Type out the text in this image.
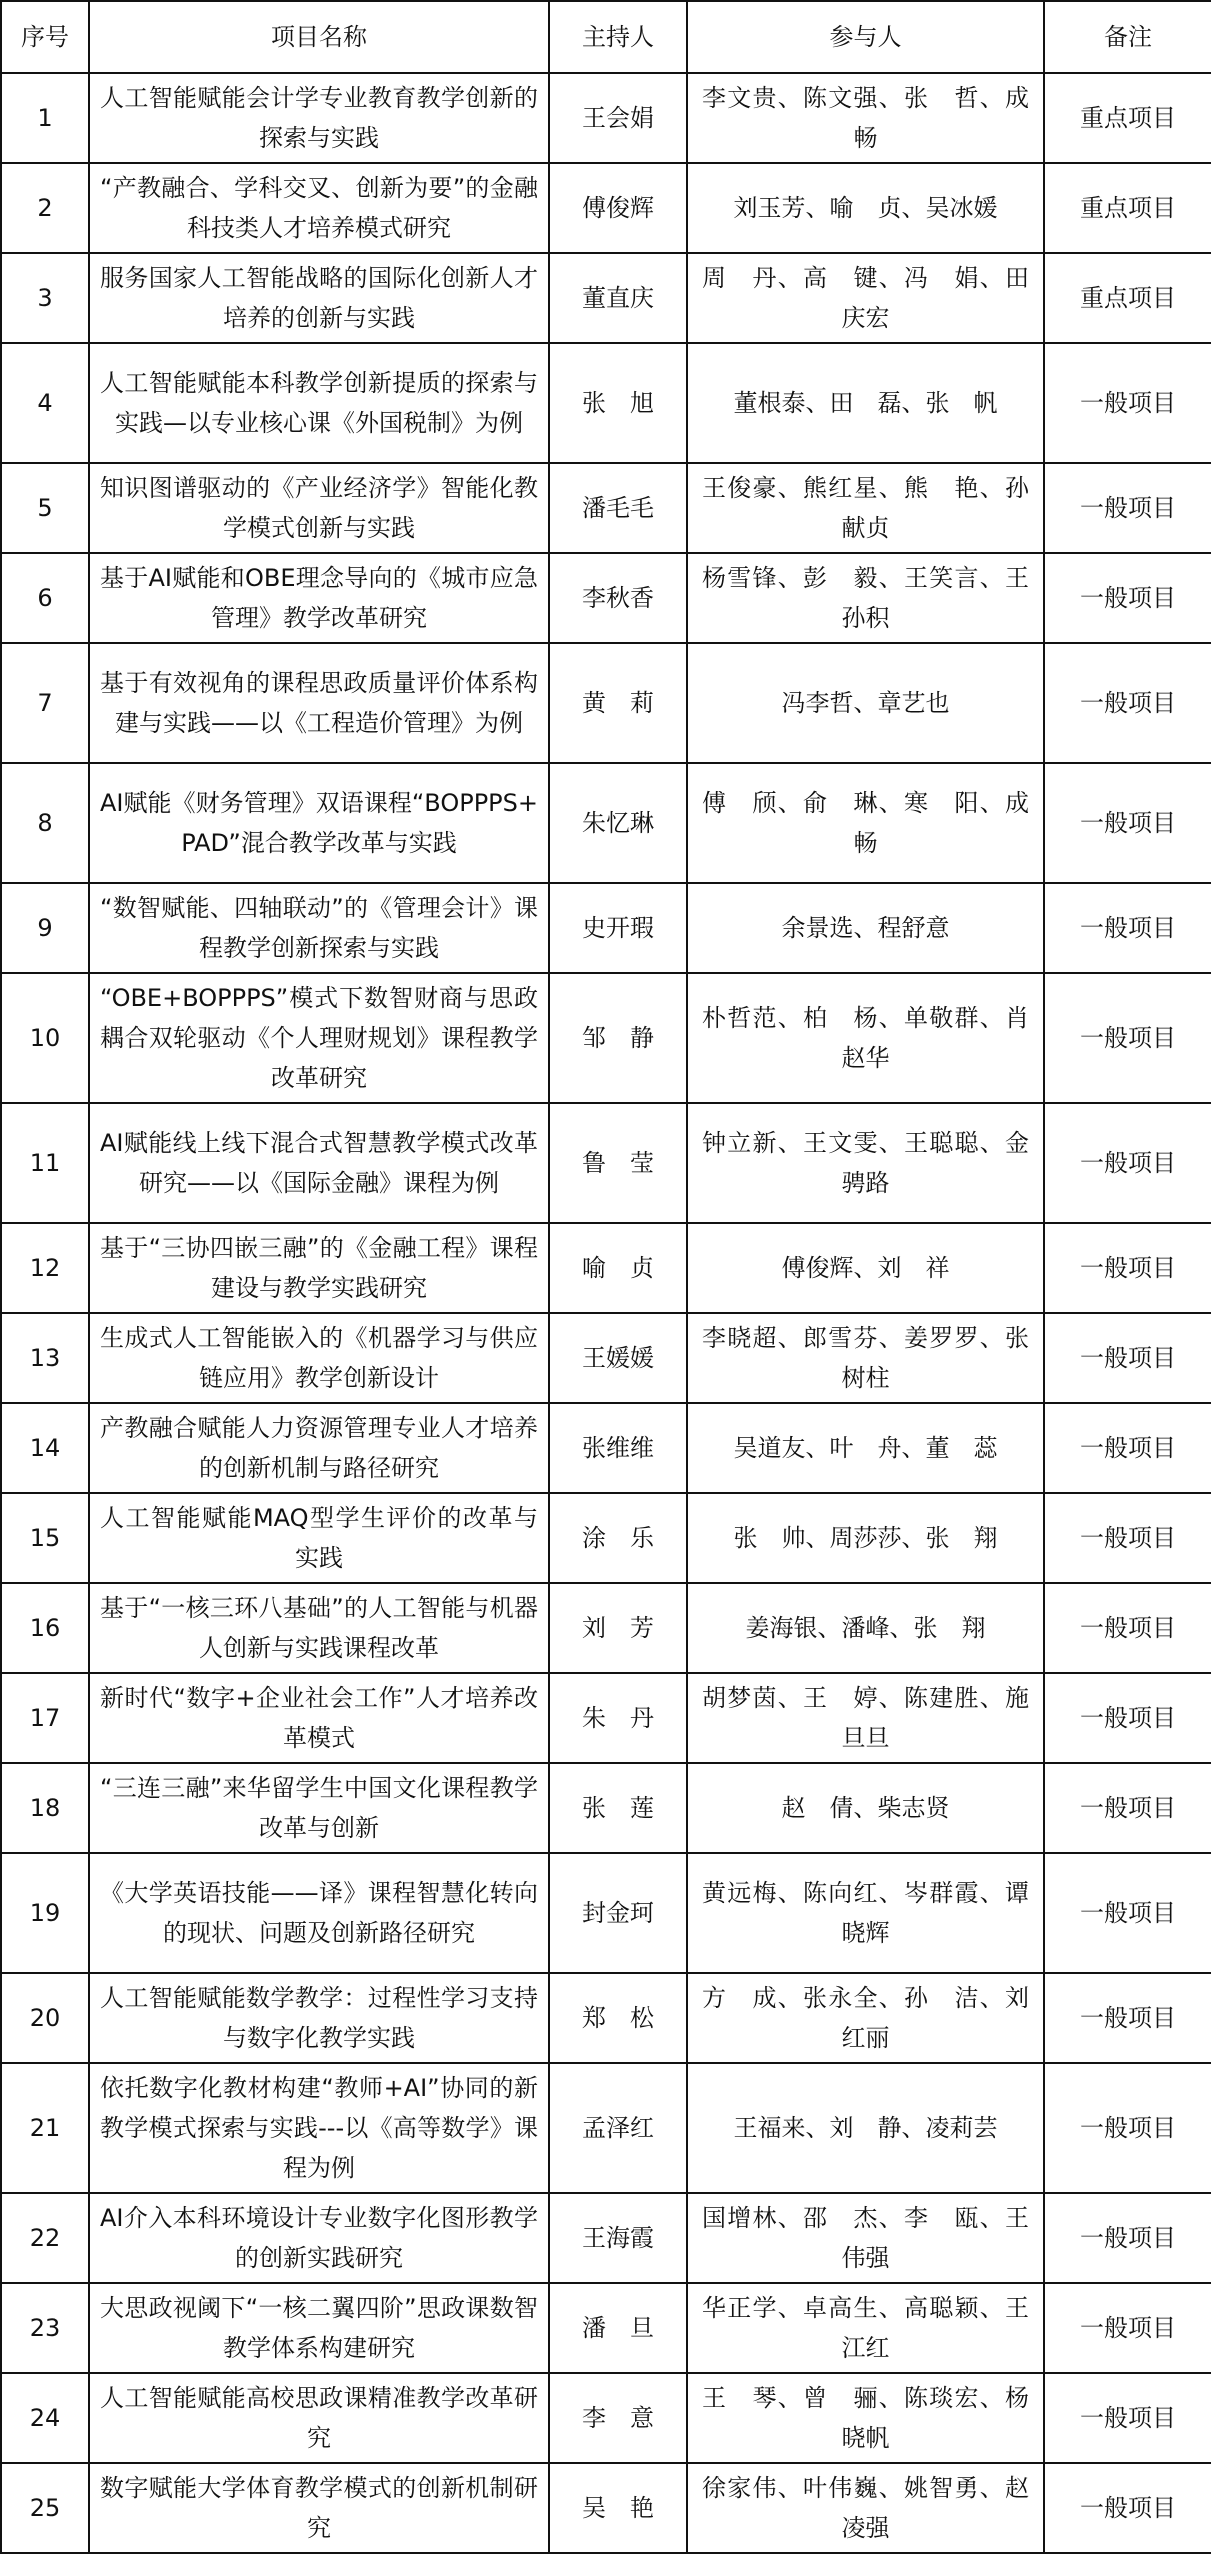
序号	项目名称	主持人	参与人	备注
1	人工智能赋能会计学专业教育教学创新的探索与实践	王会娟	李文贵、陈文强、张　哲、成　畅	重点项目
2	“产教融合、学科交叉、创新为要”的金融科技类人才培养模式研究	傅俊辉	刘玉芳、喻　贞、吴冰媛	重点项目
3	服务国家人工智能战略的国际化创新人才培养的创新与实践	董直庆	周　丹、高　键、冯　娟、田庆宏	重点项目
4	人工智能赋能本科教学创新提质的探索与实践—以专业核心课《外国税制》为例	张　旭	董根泰、田　磊、张　帆	一般项目
5	知识图谱驱动的《产业经济学》智能化教学模式创新与实践	潘毛毛	王俊豪、熊红星、熊　艳、孙献贞	一般项目
6	基于AI赋能和OBE理念导向的《城市应急管理》教学改革研究	李秋香	杨雪锋、彭　毅、王笑言、王孙积	一般项目
7	基于有效视角的课程思政质量评价体系构建与实践——以《工程造价管理》为例	黄　莉	冯李哲、章艺也	一般项目
8	AI赋能《财务管理》双语课程“BOPPPS+PAD”混合教学改革与实践	朱忆琳	傅　颀、俞　琳、寒　阳、成　畅	一般项目
9	“数智赋能、四轴联动”的《管理会计》课程教学创新探索与实践	史开瑕	余景选、程舒意	一般项目
10	“OBE+BOPPPS”模式下数智财商与思政耦合双轮驱动《个人理财规划》课程教学改革研究	邹　静	朴哲范、柏　杨、单敬群、肖赵华	一般项目
11	AI赋能线上线下混合式智慧教学模式改革研究——以《国际金融》课程为例	鲁　莹	钟立新、王文雯、王聪聪、金骋路	一般项目
12	基于“三协四嵌三融”的《金融工程》课程建设与教学实践研究	喻　贞	傅俊辉、刘　祥	一般项目
13	生成式人工智能嵌入的《机器学习与供应链应用》教学创新设计	王媛媛	李晓超、郎雪芬、姜罗罗、张树柱	一般项目
14	产教融合赋能人力资源管理专业人才培养的创新机制与路径研究	张维维	吴道友、叶　舟、董　蕊	一般项目
15	人工智能赋能MAQ型学生评价的改革与实践	涂　乐	张　帅、周莎莎、张　翔	一般项目
16	基于“一核三环八基础”的人工智能与机器人创新与实践课程改革	刘　芳	姜海银、潘峰、张　翔	一般项目
17	新时代“数字+企业社会工作”人才培养改革模式	朱　丹	胡梦茵、王　婷、陈建胜、施旦旦	一般项目
18	“三连三融”来华留学生中国文化课程教学改革与创新	张　莲	赵　倩、柴志贤	一般项目
19	《大学英语技能——译》课程智慧化转向的现状、问题及创新路径研究	封金珂	黄远梅、陈向红、岑群霞、谭晓辉	一般项目
20	人工智能赋能数学教学：过程性学习支持与数字化教学实践	郑　松	方　成、张永全、孙　洁、刘红丽	一般项目
21	依托数字化教材构建“教师+AI”协同的新教学模式探索与实践---以《高等数学》课程为例	孟泽红	王福来、刘　静、凌莉芸	一般项目
22	AI介入本科环境设计专业数字化图形教学的创新实践研究	王海霞	国增林、邵　杰、李　瓯、王伟强	一般项目
23	大思政视阈下“一核二翼四阶”思政课数智教学体系构建研究	潘　旦	华正学、卓高生、高聪颖、王江红	一般项目
24	人工智能赋能高校思政课精准教学改革研究	李　意	王　琴、曾　骊、陈琰宏、杨晓帆	一般项目
25	数字赋能大学体育教学模式的创新机制研究	吴　艳	徐家伟、叶伟巍、姚智勇、赵凌强	一般项目
